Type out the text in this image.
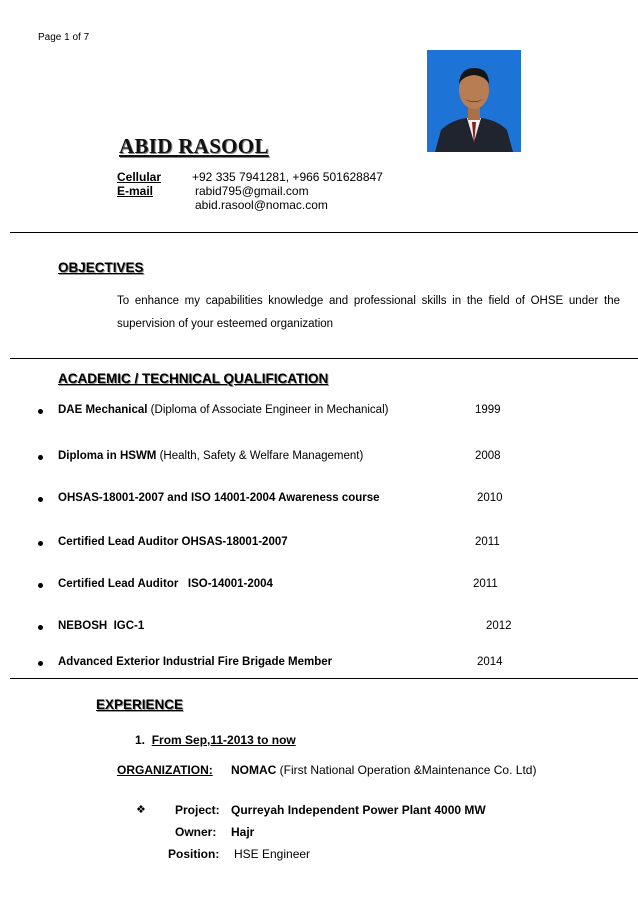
Page 1 of 7
ABID RASOOL
Cellular	+92 335 7941281, +966 501628847
E-mail	rabid795@gmail.com
abid.rasool@nomac.com
OBJECTIVES
To enhance my capabilities knowledge and professional skills in the field of OHSE under the supervision of your esteemed organization
ACADEMIC / TECHNICAL QUALIFICATION
DAE Mechanical (Diploma of Associate Engineer in Mechanical)	1999
Diploma in HSWM (Health, Safety & Welfare Management)	2008
OHSAS-18001-2007 and ISO 14001-2004 Awareness course	2010
Certified Lead Auditor OHSAS-18001-2007	2011
Certified Lead Auditor   ISO-14001-2004	2011
NEBOSH  IGC-1	2012
Advanced Exterior Industrial Fire Brigade Member	2014
EXPERIENCE
1. From Sep,11-2013 to now
ORGANIZATION: NOMAC (First National Operation &Maintenance Co. Ltd)
❖ Project: Qurreyah Independent Power Plant 4000 MW
Owner: Hajr
Position: HSE Engineer
